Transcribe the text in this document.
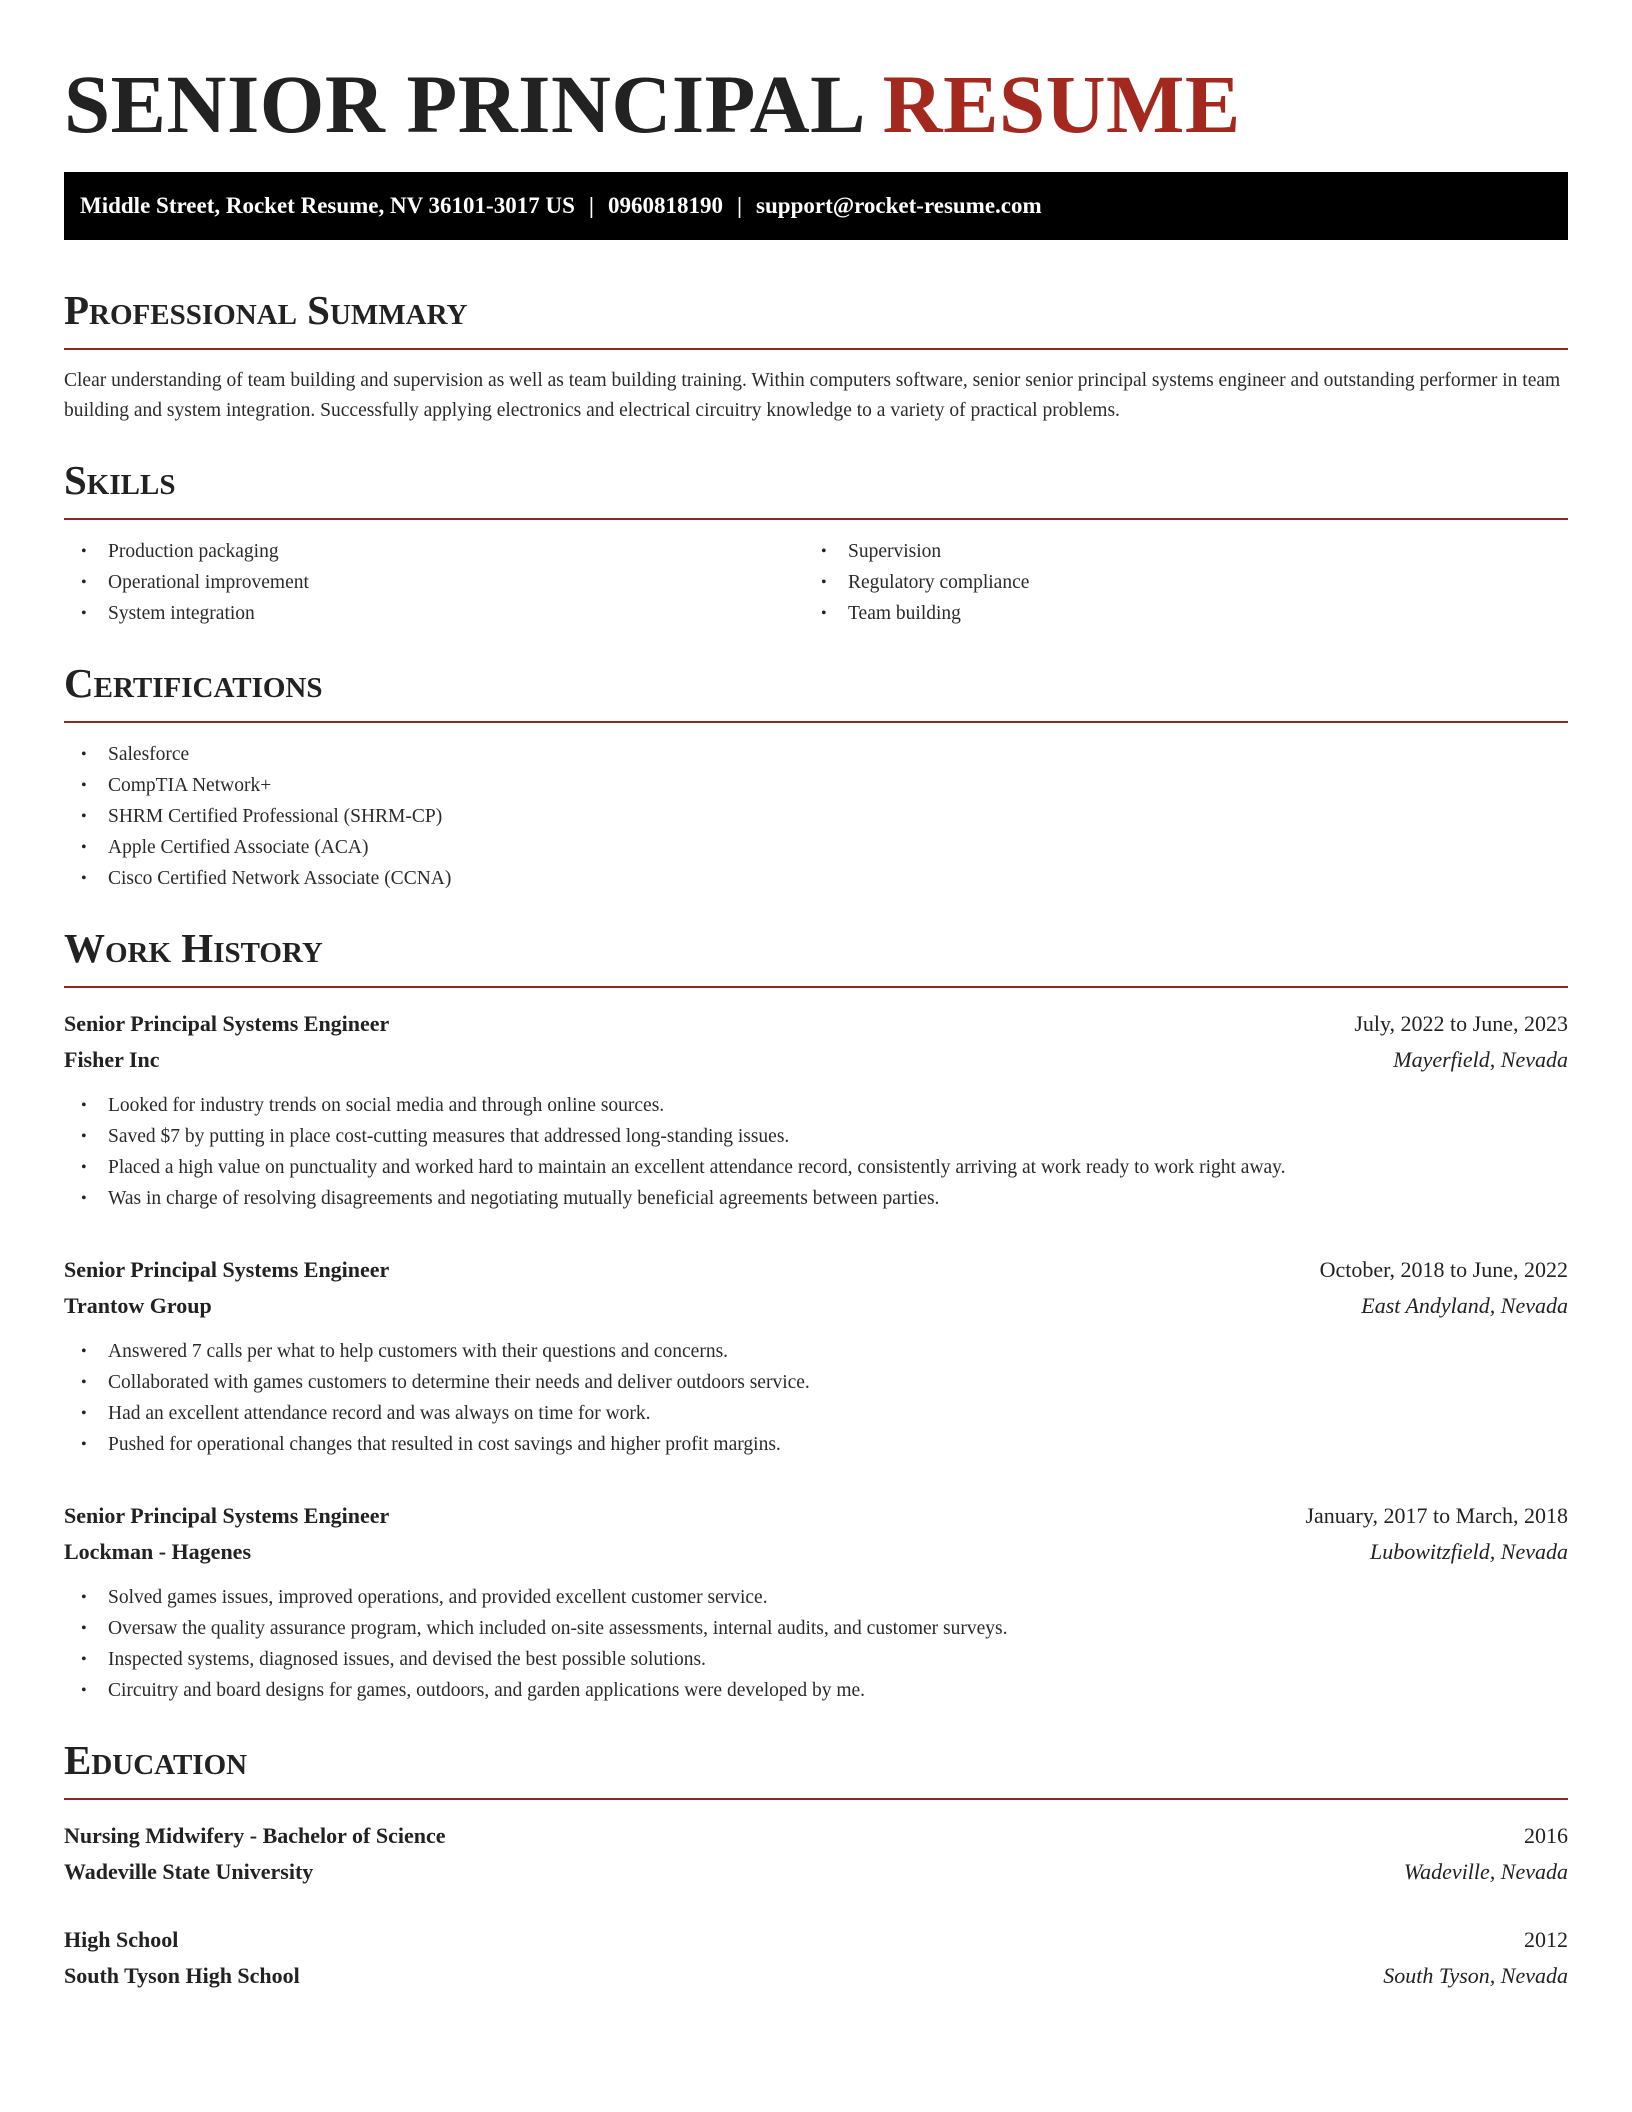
SENIOR PRINCIPAL RESUME
Middle Street, Rocket Resume, NV 36101-3017 US | 0960818190 | support@rocket-resume.com
Professional Summary

Clear understanding of team building and supervision as well as team building training. Within computers software, senior senior principal systems engineer and outstanding performer in team building and system integration. Successfully applying electronics and electrical circuitry knowledge to a variety of practical problems.

Skills
• Production packaging
• Operational improvement
• System integration
• Supervision
• Regulatory compliance
• Team building
Certifications
• Salesforce
• CompTIA Network+
• SHRM Certified Professional (SHRM-CP)
• Apple Certified Associate (ACA)
• Cisco Certified Network Associate (CCNA)
Work History
Senior Principal Systems Engineer	July, 2022 to June, 2023
Fisher Inc	Mayerfield, Nevada
• Looked for industry trends on social media and through online sources.
• Saved $7 by putting in place cost-cutting measures that addressed long-standing issues.
• Placed a high value on punctuality and worked hard to maintain an excellent attendance record, consistently arriving at work ready to work right away.
• Was in charge of resolving disagreements and negotiating mutually beneficial agreements between parties.
Senior Principal Systems Engineer	October, 2018 to June, 2022
Trantow Group	East Andyland, Nevada
• Answered 7 calls per what to help customers with their questions and concerns.
• Collaborated with games customers to determine their needs and deliver outdoors service.
• Had an excellent attendance record and was always on time for work.
• Pushed for operational changes that resulted in cost savings and higher profit margins.
Senior Principal Systems Engineer	January, 2017 to March, 2018
Lockman - Hagenes	Lubowitzfield, Nevada
• Solved games issues, improved operations, and provided excellent customer service.
• Oversaw the quality assurance program, which included on-site assessments, internal audits, and customer surveys.
• Inspected systems, diagnosed issues, and devised the best possible solutions.
• Circuitry and board designs for games, outdoors, and garden applications were developed by me.
Education
Nursing Midwifery - Bachelor of Science	2016
Wadeville State University	Wadeville, Nevada
High School	2012
South Tyson High School	South Tyson, Nevada
